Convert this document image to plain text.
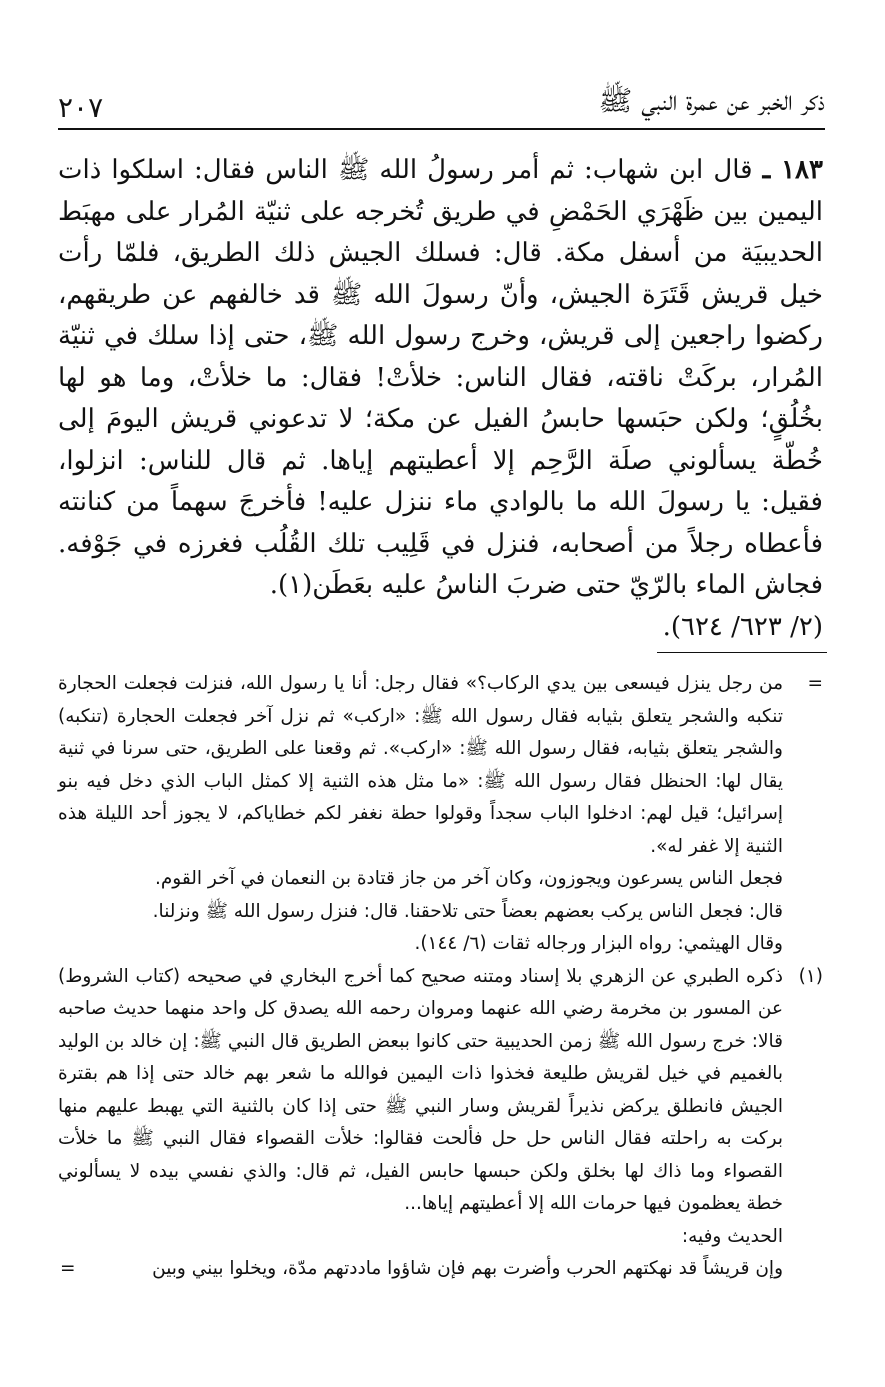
ذكر الخبر عن عمرة النبي ﷺ
٢٠٧

١٨٣ ـ قال ابن شهاب: ثم أمر رسولُ الله ﷺ الناس فقال: اسلكوا ذات اليمين بين ظَهْرَي الحَمْضِ في طريق تُخرجه على ثنيّة المُرار على مهبَط الحديبيَة من أسفل مكة. قال: فسلك الجيش ذلك الطريق، فلمّا رأت خيل قريش قَتَرَة الجيش، وأنّ رسولَ الله ﷺ قد خالفهم عن طريقهم، ركضوا راجعين إلى قريش، وخرج رسول الله ﷺ، حتى إذا سلك في ثنيّة المُرار، بركَتْ ناقته، فقال الناس: خلأتْ! فقال: ما خلأتْ، وما هو لها بخُلُقٍ؛ ولكن حبَسها حابسُ الفيل عن مكة؛ لا تدعوني قريش اليومَ إلى خُطّة يسألوني صلَة الرَّحِم إلا أعطيتهم إياها. ثم قال للناس: انزلوا، فقيل: يا رسولَ الله ما بالوادي ماء ننزل عليه! فأخرجَ سهماً من كنانته فأعطاه رجلاً من أصحابه، فنزل في قَلِيب تلك القُلُب فغرزه في جَوْفه. فجاش الماء بالرّيّ حتى ضربَ الناسُ عليه بعَطَن(١).

(٢/ ٦٢٣/ ٦٢٤).

=

من رجل ينزل فيسعى بين يدي الركاب؟» فقال رجل: أنا يا رسول الله، فنزلت فجعلت الحجارة تنكبه والشجر يتعلق بثيابه فقال رسول الله ﷺ: «اركب» ثم نزل آخر فجعلت الحجارة (تنكبه) والشجر يتعلق بثيابه، فقال رسول الله ﷺ: «اركب». ثم وقعنا على الطريق، حتى سرنا في ثنية يقال لها: الحنظل فقال رسول الله ﷺ: «ما مثل هذه الثنية إلا كمثل الباب الذي دخل فيه بنو إسرائيل؛ قيل لهم: ادخلوا الباب سجداً وقولوا حطة نغفر لكم خطاياكم، لا يجوز أحد الليلة هذه الثنية إلا غفر له».

فجعل الناس يسرعون ويجوزون، وكان آخر من جاز قتادة بن النعمان في آخر القوم.

قال: فجعل الناس يركب بعضهم بعضاً حتى تلاحقنا. قال: فنزل رسول الله ﷺ ونزلنا.

وقال الهيثمي: رواه البزار ورجاله ثقات (٦/ ١٤٤).

(١)

ذكره الطبري عن الزهري بلا إسناد ومتنه صحيح كما أخرج البخاري في صحيحه (كتاب الشروط) عن المسور بن مخرمة رضي الله عنهما ومروان رحمه الله يصدق كل واحد منهما حديث صاحبه قالا: خرج رسول الله ﷺ زمن الحديبية حتى كانوا ببعض الطريق قال النبي ﷺ: إن خالد بن الوليد بالغميم في خيل لقريش طليعة فخذوا ذات اليمين فوالله ما شعر بهم خالد حتى إذا هم بقترة الجيش فانطلق يركض نذيراً لقريش وسار النبي ﷺ حتى إذا كان بالثنية التي يهبط عليهم منها بركت به راحلته فقال الناس حل حل فألحت فقالوا: خلأت القصواء فقال النبي ﷺ ما خلأت القصواء وما ذاك لها بخلق ولكن حبسها حابس الفيل، ثم قال: والذي نفسي بيده لا يسألوني خطة يعظمون فيها حرمات الله إلا أعطيتهم إياها...

الحديث وفيه:

وإن قريشاً قد نهكتهم الحرب وأضرت بهم فإن شاؤوا ماددتهم مدّة، ويخلوا بيني وبين

=
